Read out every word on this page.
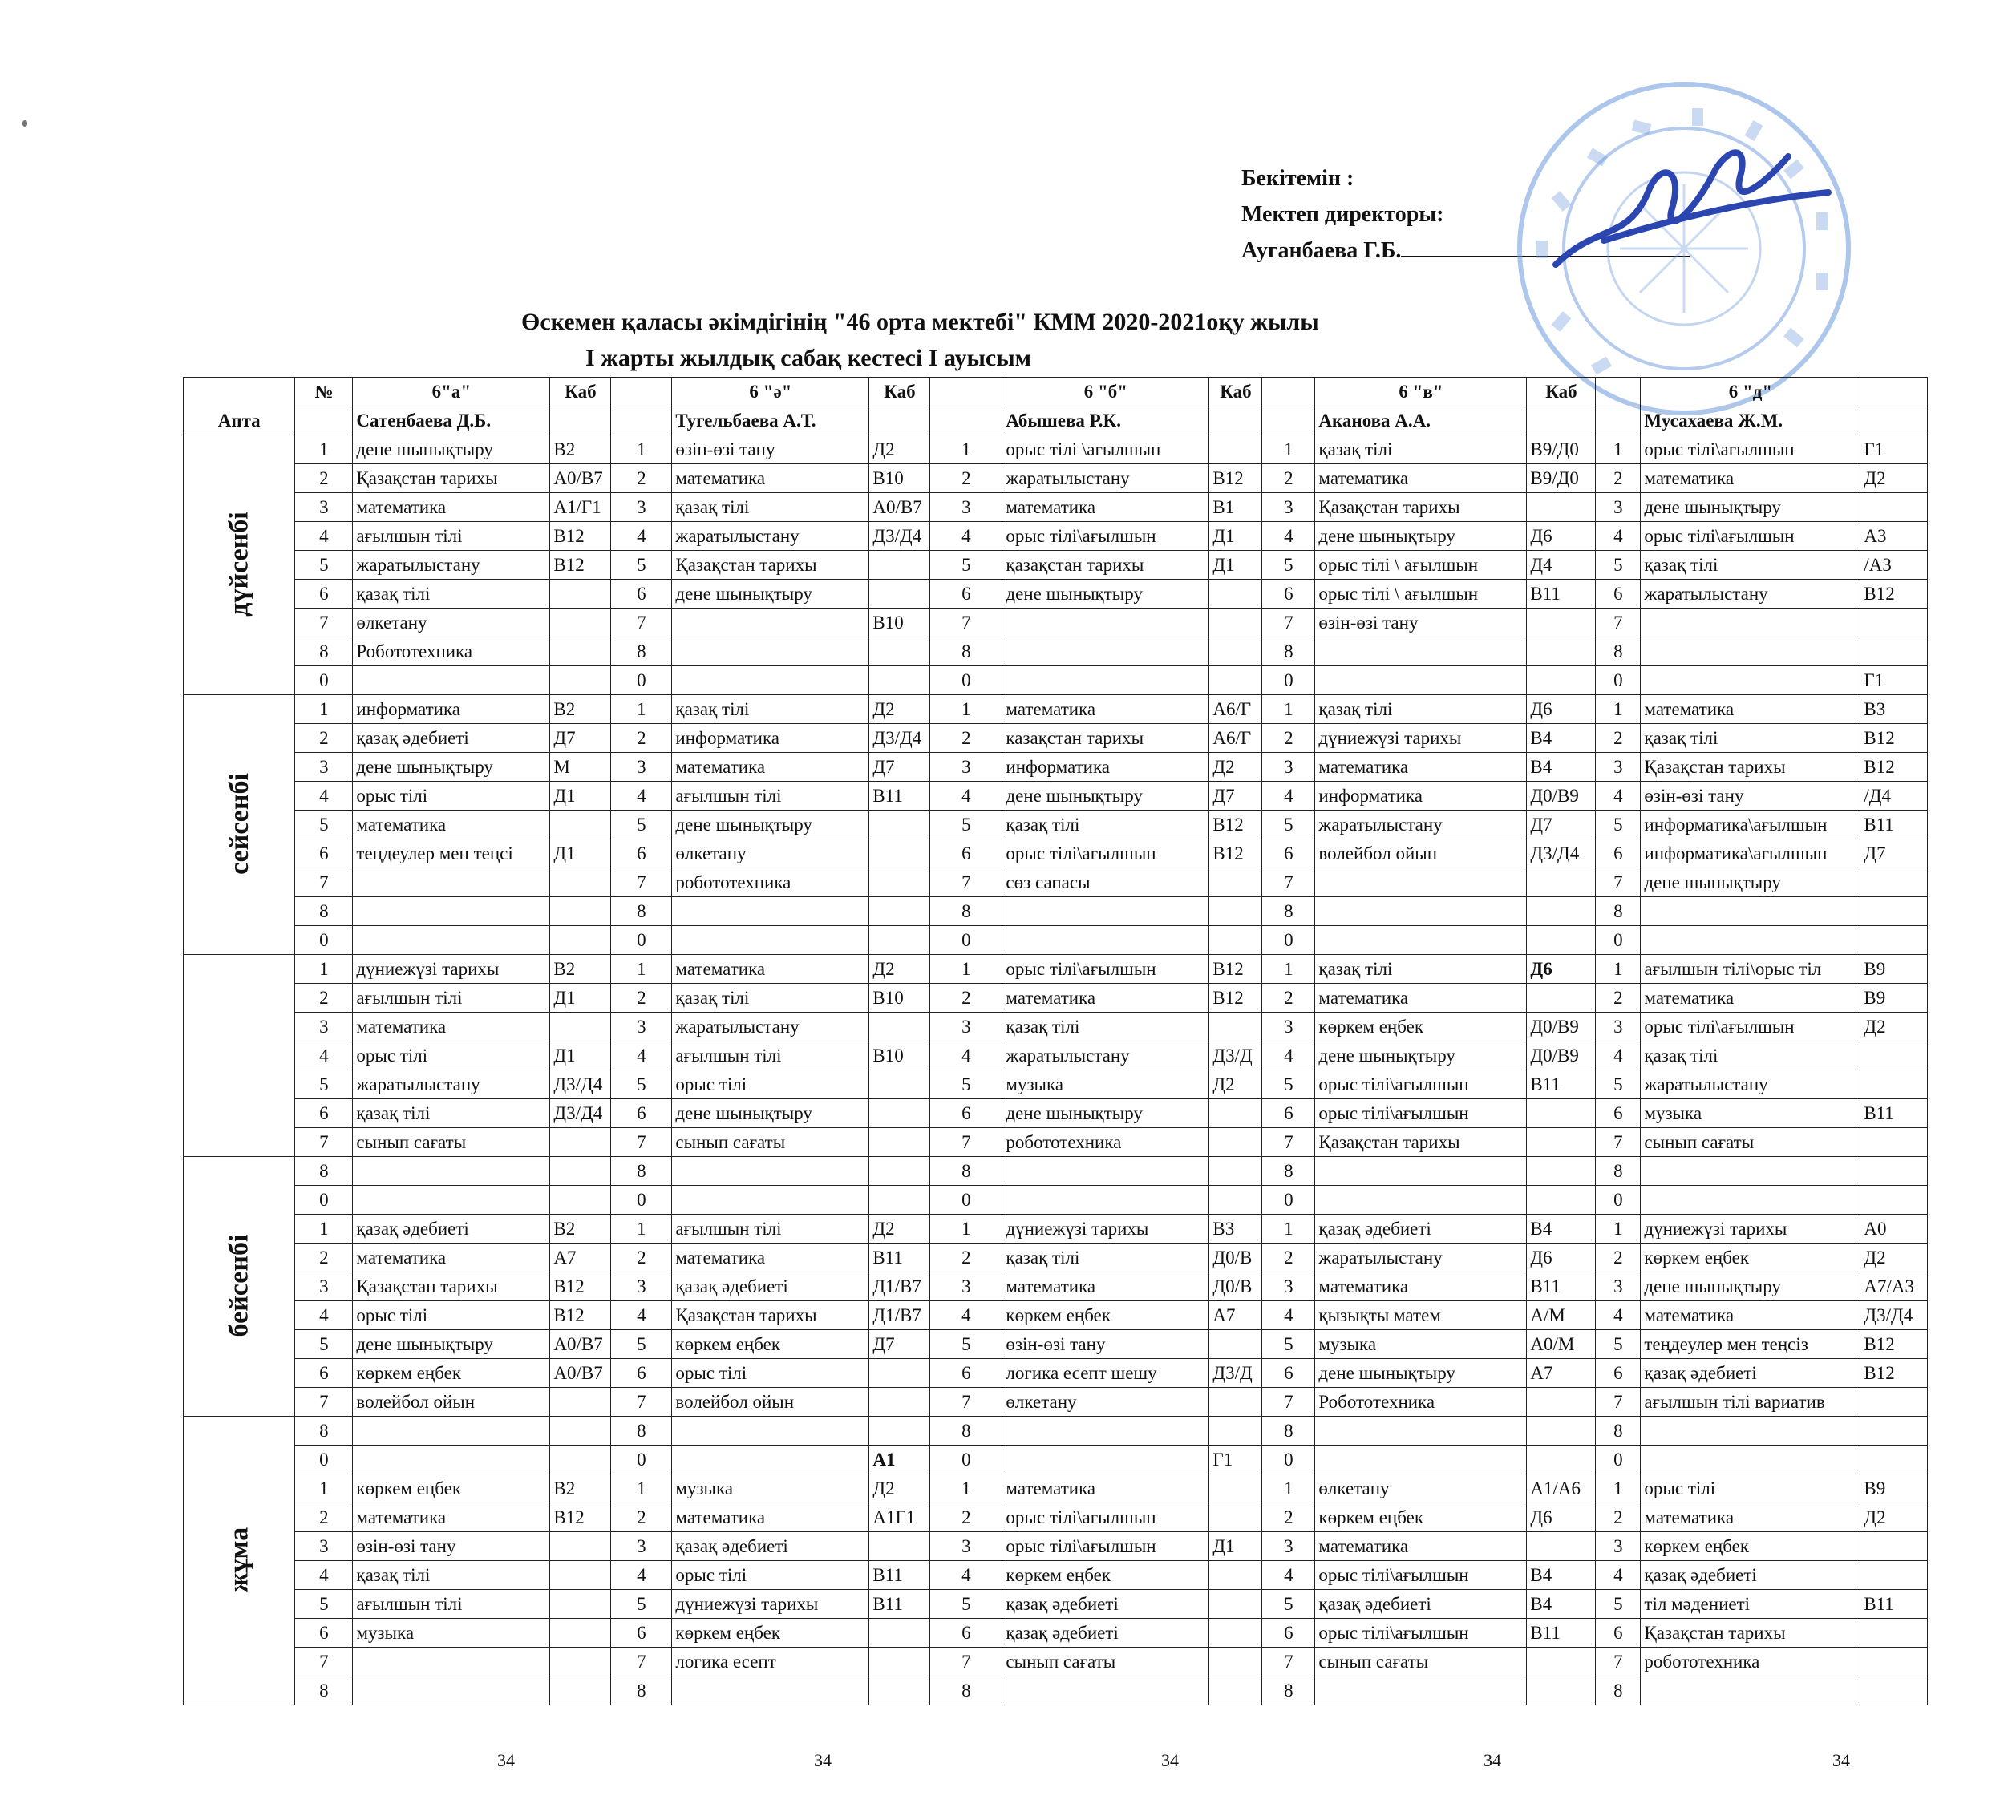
Бекітемін :
Мектеп директоры:
Ауганбаева Г.Б.
Өскемен қаласы әкімдігінің "46 орта мектебі" КММ 2020-2021оқу жылы
І жарты жылдық сабақ кестесі І ауысым
Апта	№	6"а"	Каб		6 "ә"	Каб		6 "б"	Каб		6 "в"	Каб		6 "д"	
		Сатенбаева Д.Б.			Тугельбаева А.Т.			Абышева Р.К.			Аканова А.А.			Мусахаева Ж.М.	
дүйсенбі	1	дене шынықтыру	В2	1	өзін-өзі тану	Д2	1	орыс тілі \ағылшын		1	қазақ тілі	В9/Д0	1	орыс тілі\ағылшын	Г1
	2	Қазақстан тарихы	А0/В7	2	математика	В10	2	жаратылыстану	В12	2	математика	В9/Д0	2	математика	Д2
	3	математика	А1/Г1	3	қазақ тілі	А0/В7	3	математика	В1	3	Қазақстан тарихы		3	дене шынықтыру	
	4	ағылшын тілі	В12	4	жаратылыстану	Д3/Д4	4	орыс тілі\ағылшын	Д1	4	дене шынықтыру	Д6	4	орыс тілі\ағылшын	А3
	5	жаратылыстану	В12	5	Қазақстан тарихы		5	қазақстан тарихы	Д1	5	орыс тілі \ ағылшын	Д4	5	қазақ тілі	/А3
	6	қазақ тілі		6	дене шынықтыру		6	дене шынықтыру		6	орыс тілі \ ағылшын	В11	6	жаратылыстану	В12
	7	өлкетану		7		В10	7			7	өзін-өзі тану		7		
	8	Робототехника		8			8			8			8		
	0			0			0			0			0		Г1
сейсенбі	1	информатика	В2	1	қазақ тілі	Д2	1	математика	А6/Г	1	қазақ тілі	Д6	1	математика	В3
	2	қазақ әдебиеті	Д7	2	информатика	Д3/Д4	2	казақстан тарихы	А6/Г	2	дүниежүзі тарихы	В4	2	қазақ тілі	В12
	3	дене шынықтыру	М	3	математика	Д7	3	информатика	Д2	3	математика	В4	3	Қазақстан тарихы	В12
	4	орыс тілі	Д1	4	ағылшын тілі	В11	4	дене шынықтыру	Д7	4	информатика	Д0/В9	4	өзін-өзі тану	/Д4
	5	математика		5	дене шынықтыру		5	қазақ тілі	В12	5	жаратылыстану	Д7	5	информатика\ағылшын	В11
	6	теңдеулер мен теңсі	Д1	6	өлкетану		6	орыс тілі\ағылшын	В12	6	волейбол ойын	Д3/Д4	6	информатика\ағылшын	Д7
	7			7	робототехника		7	сөз сапасы		7			7	дене шынықтыру	
	8			8			8			8			8		
	0			0			0			0			0		
	1	дүниежүзі тарихы	В2	1	математика	Д2	1	орыс тілі\ағылшын	В12	1	қазақ тілі	Д6	1	ағылшын тілі\орыс тіл	В9
	2	ағылшын тілі	Д1	2	қазақ тілі	В10	2	математика	В12	2	математика		2	математика	В9
	3	математика		3	жаратылыстану		3	қазақ тілі		3	көркем еңбек	Д0/В9	3	орыс тілі\ағылшын	Д2
	4	орыс тілі	Д1	4	ағылшын тілі	В10	4	жаратылыстану	Д3/Д	4	дене шынықтыру	Д0/В9	4	қазақ тілі	
	5	жаратылыстану	Д3/Д4	5	орыс тілі		5	музыка	Д2	5	орыс тілі\ағылшын	В11	5	жаратылыстану	
	6	қазақ тілі	Д3/Д4	6	дене шынықтыру		6	дене шынықтыру		6	орыс тілі\ағылшын		6	музыка	В11
	7	сынып сағаты		7	сынып сағаты		7	робототехника		7	Қазақстан тарихы		7	сынып сағаты	
бейсенбі	8			8			8			8			8		
	0			0			0			0			0		
	1	қазақ әдебиеті	В2	1	ағылшын тілі	Д2	1	дүниежүзі тарихы	В3	1	қазақ әдебиеті	В4	1	дүниежүзі тарихы	А0
	2	математика	А7	2	математика	В11	2	қазақ тілі	Д0/В	2	жаратылыстану	Д6	2	көркем еңбек	Д2
	3	Қазақстан тарихы	В12	3	қазақ әдебиеті	Д1/В7	3	математика	Д0/В	3	математика	В11	3	дене шынықтыру	А7/А3
	4	орыс тілі	В12	4	Қазақстан тарихы	Д1/В7	4	көркем еңбек	А7	4	қызықты матем	А/М	4	математика	Д3/Д4
	5	дене шынықтыру	А0/В7	5	көркем еңбек	Д7	5	өзін-өзі тану		5	музыка	А0/М	5	теңдеулер мен теңсіз	В12
	6	көркем еңбек	А0/В7	6	орыс тілі		6	логика есепт шешу	Д3/Д	6	дене шынықтыру	А7	6	қазақ әдебиеті	В12
	7	волейбол ойын		7	волейбол ойын		7	өлкетану		7	Робототехника		7	ағылшын тілі вариатив	
жұма	8			8			8			8			8		
	0			0		А1	0		Г1	0			0		
	1	көркем еңбек	В2	1	музыка	Д2	1	математика		1	өлкетану	А1/А6	1	орыс тілі	В9
	2	математика	В12	2	математика	А1Г1	2	орыс тілі\ағылшын		2	көркем еңбек	Д6	2	математика	Д2
	3	өзін-өзі тану		3	қазақ әдебиеті		3	орыс тілі\ағылшын	Д1	3	математика		3	көркем еңбек	
	4	қазақ тілі		4	орыс тілі	В11	4	көркем еңбек		4	орыс тілі\ағылшын	В4	4	қазақ әдебиеті	
	5	ағылшын тілі		5	дүниежүзі тарихы	В11	5	қазақ әдебиеті		5	қазақ әдебиеті	В4	5	тіл мәдениеті	В11
	6	музыка		6	көркем еңбек		6	қазақ әдебиеті		6	орыс тілі\ағылшын	В11	6	Қазақстан тарихы	
	7			7	логика есепт		7	сынып сағаты		7	сынып сағаты		7	робототехника	
	8			8			8			8			8		
34	34	34	34	34
